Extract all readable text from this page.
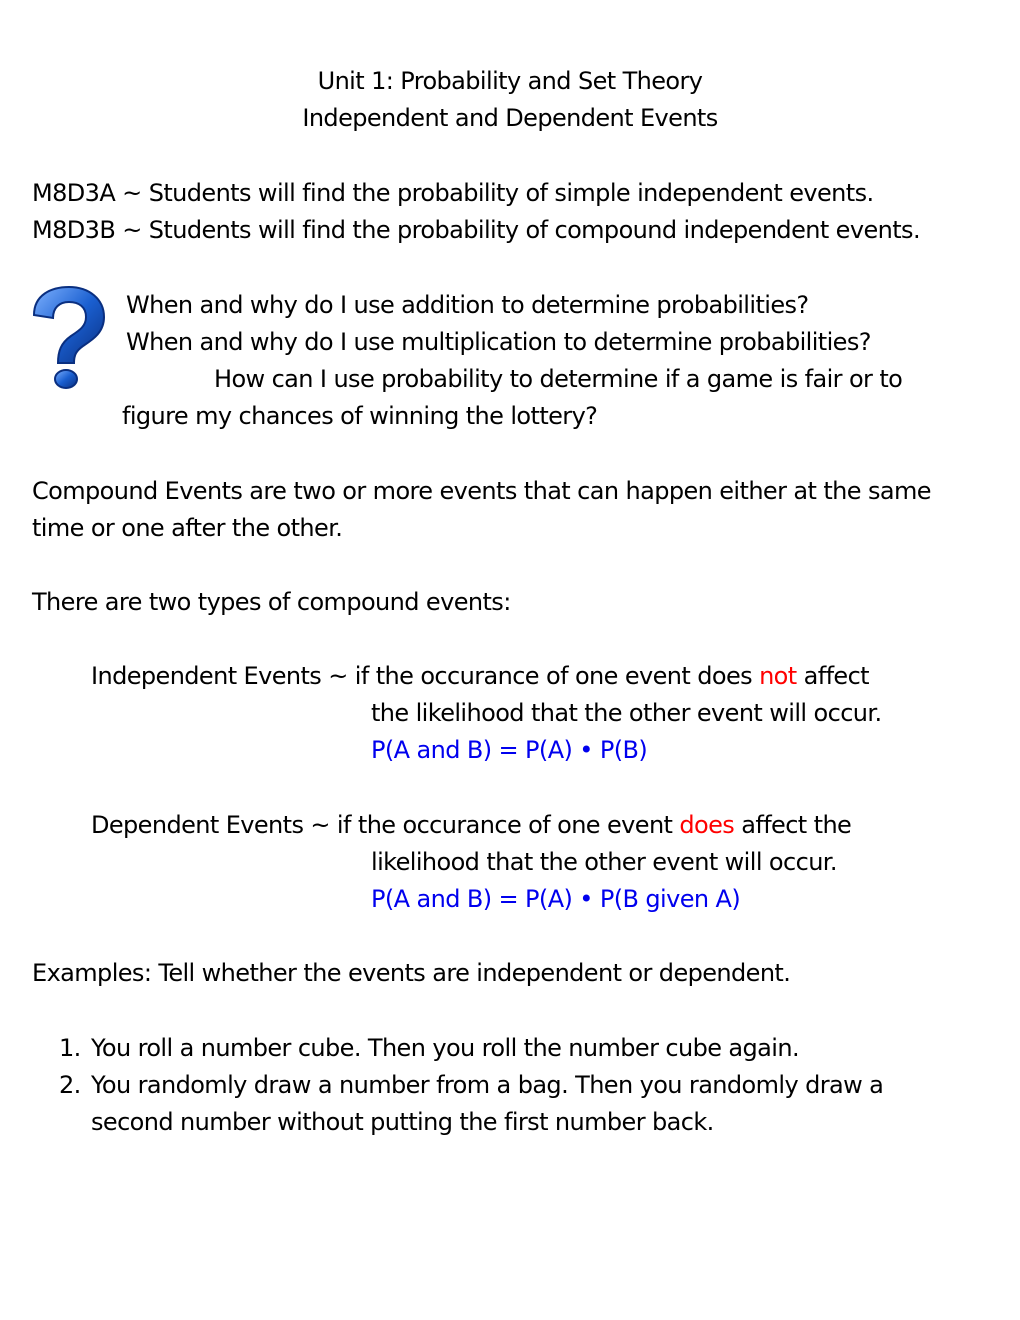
Unit 1: Probability and Set Theory
Independent and Dependent Events
M8D3A ~ Students will find the probability of simple independent events.
M8D3B ~ Students will find the probability of compound independent events.
When and why do I use addition to determine probabilities?
When and why do I use multiplication to determine probabilities?
How can I use probability to determine if a game is fair or to
figure my chances of winning the lottery?
Compound Events are two or more events that can happen either at the same
time or one after the other.
There are two types of compound events:
Independent Events ~ if the occurance of one event does not affect
the likelihood that the other event will occur.
P(A and B) = P(A) • P(B)
Dependent Events ~ if the occurance of one event does affect the
likelihood that the other event will occur.
P(A and B) = P(A) • P(B given A)
Examples: Tell whether the events are independent or dependent.
1. You roll a number cube. Then you roll the number cube again.
2. You randomly draw a number from a bag. Then you randomly draw a
second number without putting the first number back.
